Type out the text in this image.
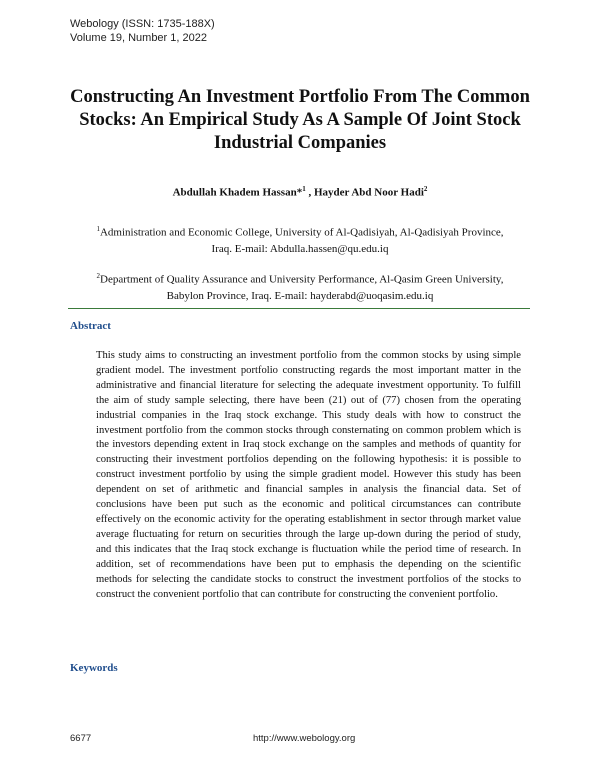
Webology (ISSN: 1735-188X)
Volume 19, Number 1, 2022
Constructing An Investment Portfolio From The Common
Stocks: An Empirical Study As A Sample Of Joint Stock
Industrial Companies
Abdullah Khadem Hassan*$^1$ , Hayder Abd Noor Hadi$^2$
$^1$Administration and Economic College, University of Al-Qadisiyah, Al-Qadisiyah Province,
Iraq. E-mail: Abdulla.hassen@qu.edu.iq
$^2$Department of Quality Assurance and University Performance, Al-Qasim Green University,
Babylon Province, Iraq. E-mail: hayderabd@uoqasim.edu.iq
Abstract
This study aims to constructing an investment portfolio from the common stocks by using simple gradient model. The investment portfolio constructing regards the most important matter in the administrative and financial literature for selecting the adequate investment opportunity. To fulfill the aim of study sample selecting, there have been (21) out of (77) chosen from the operating industrial companies in the Iraq stock exchange. This study deals with how to construct the investment portfolio from the common stocks through consternating on common problem which is the investors depending extent in Iraq stock exchange on the samples and methods of quantity for constructing their investment portfolios depending on the following hypothesis: it is possible to construct investment portfolio by using the simple gradient model. However this study has been dependent on set of arithmetic and financial samples in analysis the financial data. Set of conclusions have been put such as the economic and political circumstances can contribute effectively on the economic activity for the operating establishment in sector through market value average fluctuating for return on securities through the large up-down during the period of study, and this indicates that the Iraq stock exchange is fluctuation while the period time of research. In addition, set of recommendations have been put to emphasis the depending on the scientific methods for selecting the candidate stocks to construct the investment portfolios of the stocks to construct the convenient portfolio that can contribute for constructing the convenient portfolio.
Keywords
6677	http://www.webology.org
